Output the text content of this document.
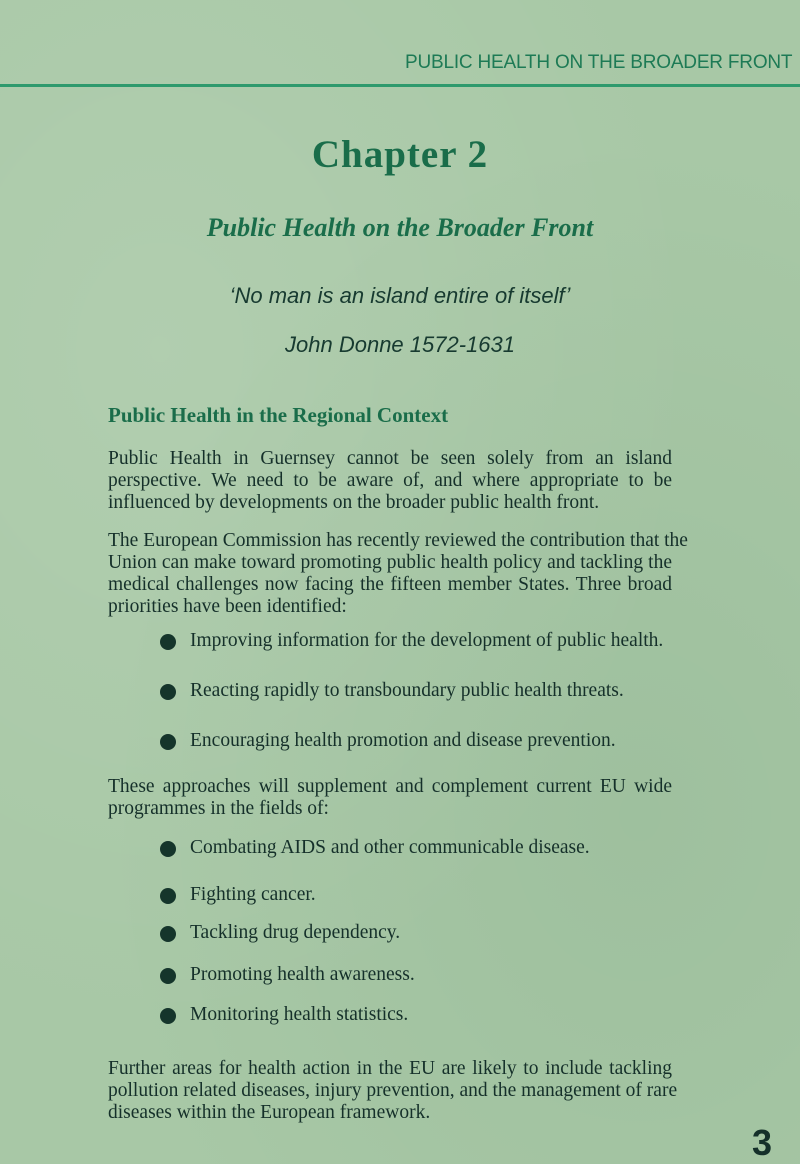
PUBLIC HEALTH ON THE BROADER FRONT
Chapter 2
Public Health on the Broader Front
‘No man is an island entire of itself’
John Donne 1572-1631
Public Health in the Regional Context
Public Health in Guernsey cannot be seen solely from an island
perspective. We need to be aware of, and where appropriate to be
influenced by developments on the broader public health front.
The European Commission has recently reviewed the contribution that the
Union can make toward promoting public health policy and tackling the
medical challenges now facing the fifteen member States. Three broad
priorities have been identified:
Improving information for the development of public health.
Reacting rapidly to transboundary public health threats.
Encouraging health promotion and disease prevention.
These approaches will supplement and complement current EU wide
programmes in the fields of:
Combating AIDS and other communicable disease.
Fighting cancer.
Tackling drug dependency.
Promoting health awareness.
Monitoring health statistics.
Further areas for health action in the EU are likely to include tackling
pollution related diseases, injury prevention, and the management of rare
diseases within the European framework.
3
